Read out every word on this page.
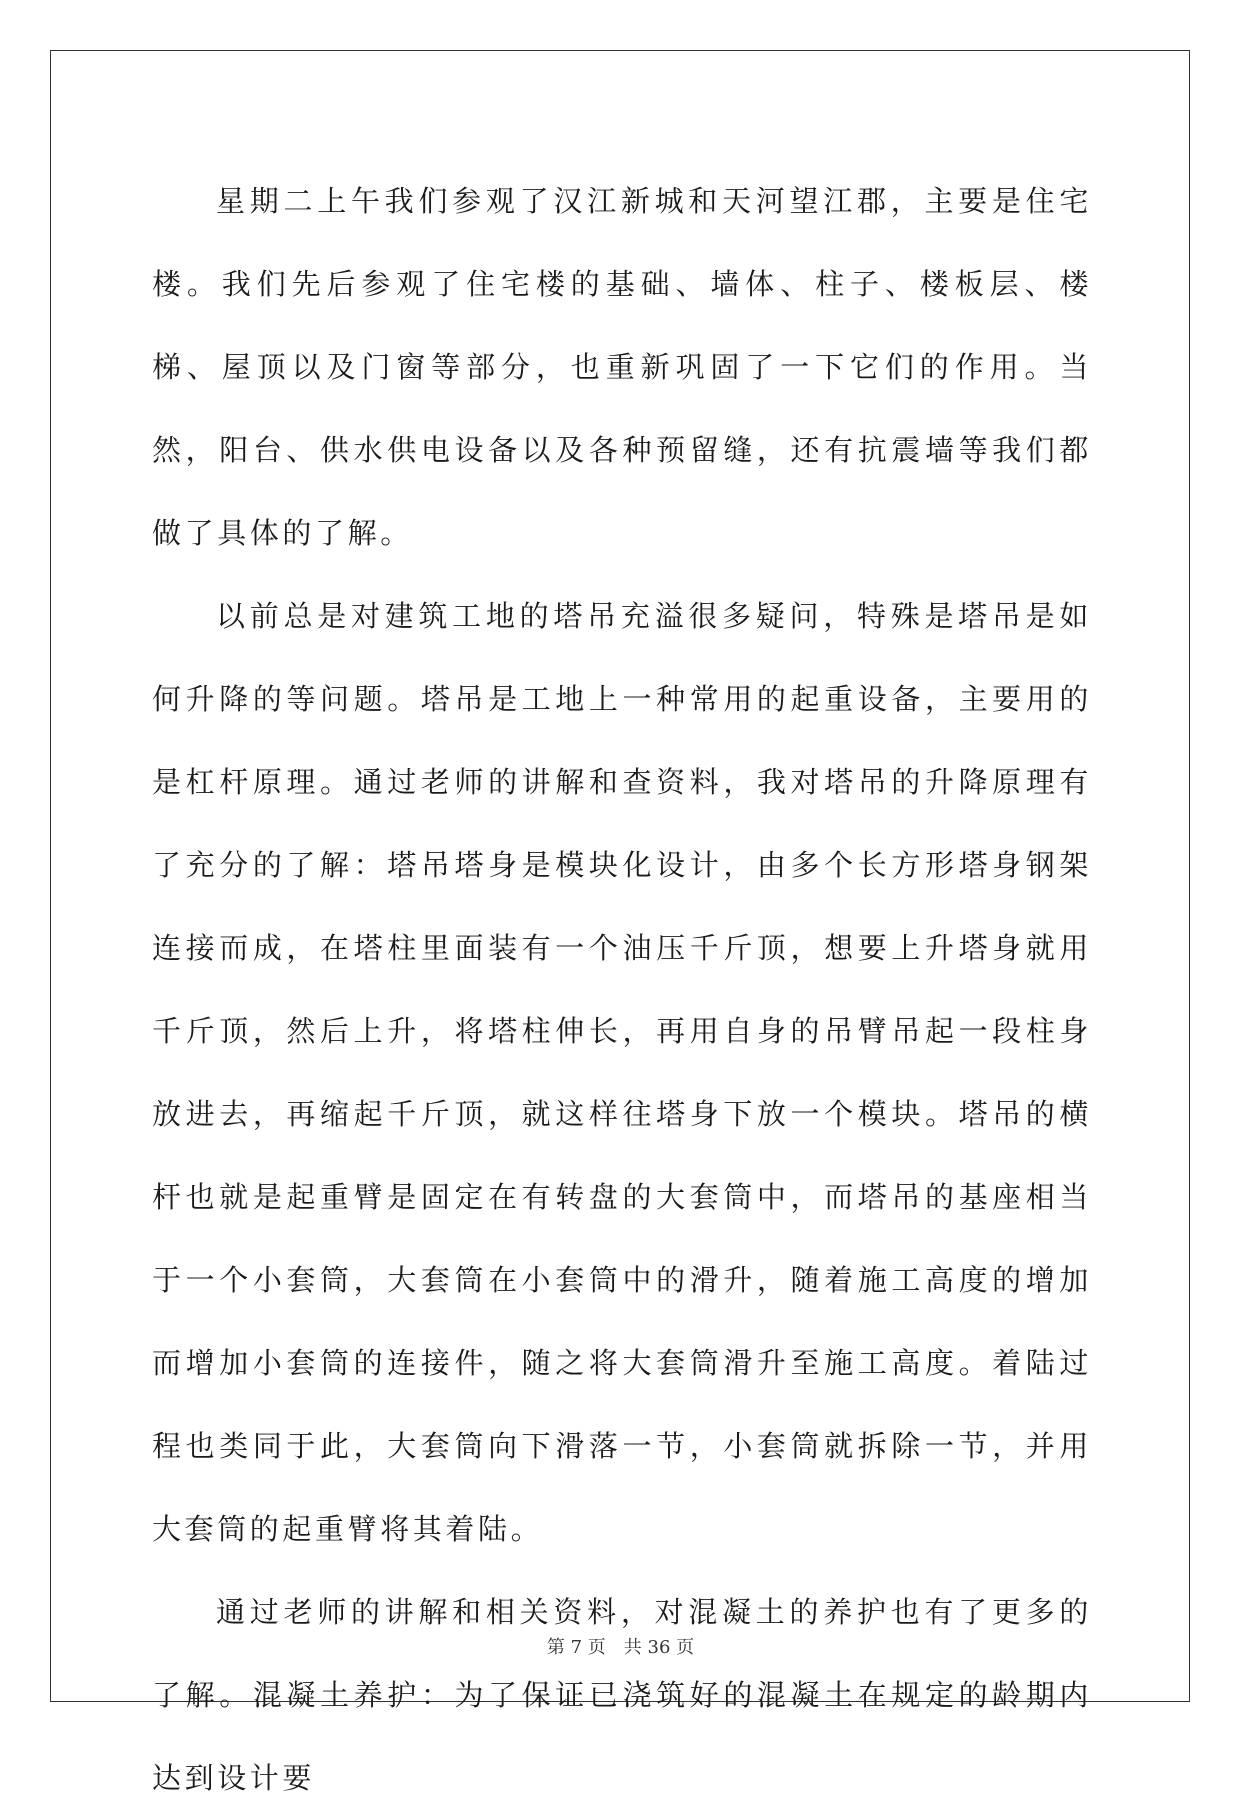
星期二上午我们参观了汉江新城和天河望江郡，主要是住宅楼。我们先后参观了住宅楼的基础、墙体、柱子、楼板层、楼梯、屋顶以及门窗等部分，也重新巩固了一下它们的作用。当然，阳台、供水供电设备以及各种预留缝，还有抗震墙等我们都做了具体的了解。

以前总是对建筑工地的塔吊充溢很多疑问，特殊是塔吊是如何升降的等问题。塔吊是工地上一种常用的起重设备，主要用的是杠杆原理。通过老师的讲解和查资料，我对塔吊的升降原理有了充分的了解：塔吊塔身是模块化设计，由多个长方形塔身钢架连接而成，在塔柱里面装有一个油压千斤顶，想要上升塔身就用千斤顶，然后上升，将塔柱伸长，再用自身的吊臂吊起一段柱身放进去，再缩起千斤顶，就这样往塔身下放一个模块。塔吊的横杆也就是起重臂是固定在有转盘的大套筒中，而塔吊的基座相当于一个小套筒，大套筒在小套筒中的滑升，随着施工高度的增加而增加小套筒的连接件，随之将大套筒滑升至施工高度。着陆过程也类同于此，大套筒向下滑落一节，小套筒就拆除一节，并用大套筒的起重臂将其着陆。

通过老师的讲解和相关资料，对混凝土的养护也有了更多的了解。混凝土养护：为了保证已浇筑好的混凝土在规定的龄期内达到设计要

第 7 页　共 36 页
